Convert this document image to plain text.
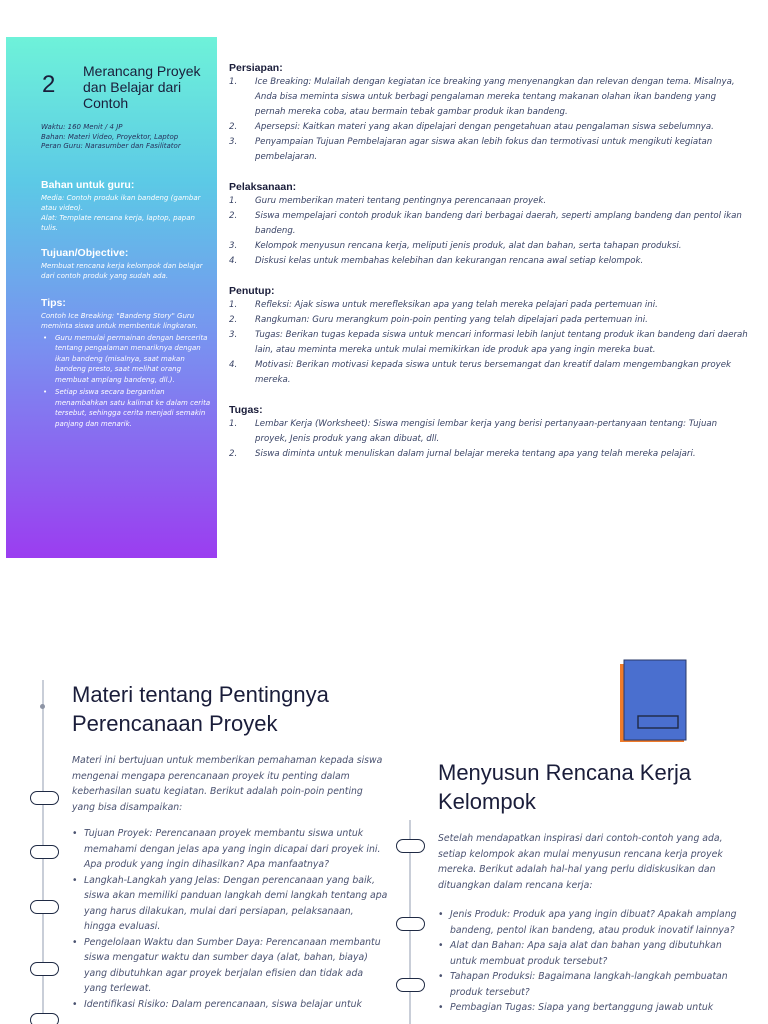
2 Merancang Proyek
dan Belajar dari
Contoh
Waktu: 160 Menit / 4 JP
Bahan: Materi Video, Proyektor, Laptop
Peran Guru: Narasumber dan Fasilitator
Bahan untuk guru:
Media: Contoh produk ikan bandeng (gambar atau video).
Alat: Template rencana kerja, laptop, papan tulis.
Tujuan/Objective:
Membuat rencana kerja kelompok dan belajar dari contoh produk yang sudah ada.
Tips:
Contoh Ice Breaking: "Bandeng Story" Guru meminta siswa untuk membentuk lingkaran.
• Guru memulai permainan dengan bercerita tentang pengalaman menariknya dengan ikan bandeng (misalnya, saat makan bandeng presto, saat melihat orang membuat amplang bandeng, dll.).
• Setiap siswa secara bergantian menambahkan satu kalimat ke dalam cerita tersebut, sehingga cerita menjadi semakin panjang dan menarik.
Persiapan:
1. Ice Breaking: Mulailah dengan kegiatan ice breaking yang menyenangkan dan relevan dengan tema. Misalnya, Anda bisa meminta siswa untuk berbagi pengalaman mereka tentang makanan olahan ikan bandeng yang pernah mereka coba, atau bermain tebak gambar produk ikan bandeng.
2. Apersepsi: Kaitkan materi yang akan dipelajari dengan pengetahuan atau pengalaman siswa sebelumnya.
3. Penyampaian Tujuan Pembelajaran agar siswa akan lebih fokus dan termotivasi untuk mengikuti kegiatan pembelajaran.
Pelaksanaan:
1. Guru memberikan materi tentang pentingnya perencanaan proyek.
2. Siswa mempelajari contoh produk ikan bandeng dari berbagai daerah, seperti amplang bandeng dan pentol ikan bandeng.
3. Kelompok menyusun rencana kerja, meliputi jenis produk, alat dan bahan, serta tahapan produksi.
4. Diskusi kelas untuk membahas kelebihan dan kekurangan rencana awal setiap kelompok.
Penutup:
1. Refleksi: Ajak siswa untuk merefleksikan apa yang telah mereka pelajari pada pertemuan ini.
2. Rangkuman: Guru merangkum poin-poin penting yang telah dipelajari pada pertemuan ini.
3. Tugas: Berikan tugas kepada siswa untuk mencari informasi lebih lanjut tentang produk ikan bandeng dari daerah lain, atau meminta mereka untuk mulai memikirkan ide produk apa yang ingin mereka buat.
4. Motivasi: Berikan motivasi kepada siswa untuk terus bersemangat dan kreatif dalam mengembangkan proyek mereka.
Tugas:
1. Lembar Kerja (Worksheet): Siswa mengisi lembar kerja yang berisi pertanyaan-pertanyaan tentang: Tujuan proyek, Jenis produk yang akan dibuat, dll.
2. Siswa diminta untuk menuliskan dalam jurnal belajar mereka tentang apa yang telah mereka pelajari.
Materi tentang Pentingnya
Perencanaan Proyek
Materi ini bertujuan untuk memberikan pemahaman kepada siswa mengenai mengapa perencanaan proyek itu penting dalam keberhasilan suatu kegiatan. Berikut adalah poin-poin penting yang bisa disampaikan:
• Tujuan Proyek: Perencanaan proyek membantu siswa untuk memahami dengan jelas apa yang ingin dicapai dari proyek ini. Apa produk yang ingin dihasilkan? Apa manfaatnya?
• Langkah-Langkah yang Jelas: Dengan perencanaan yang baik, siswa akan memiliki panduan langkah demi langkah tentang apa yang harus dilakukan, mulai dari persiapan, pelaksanaan, hingga evaluasi.
• Pengelolaan Waktu dan Sumber Daya: Perencanaan membantu siswa mengatur waktu dan sumber daya (alat, bahan, biaya) yang dibutuhkan agar proyek berjalan efisien dan tidak ada yang terlewat.
• Identifikasi Risiko: Dalam perencanaan, siswa belajar untuk
Menyusun Rencana Kerja
Kelompok
Setelah mendapatkan inspirasi dari contoh-contoh yang ada, setiap kelompok akan mulai menyusun rencana kerja proyek mereka. Berikut adalah hal-hal yang perlu didiskusikan dan dituangkan dalam rencana kerja:
• Jenis Produk: Produk apa yang ingin dibuat? Apakah amplang bandeng, pentol ikan bandeng, atau produk inovatif lainnya?
• Alat dan Bahan: Apa saja alat dan bahan yang dibutuhkan untuk membuat produk tersebut?
• Tahapan Produksi: Bagaimana langkah-langkah pembuatan produk tersebut?
• Pembagian Tugas: Siapa yang bertanggung jawab untuk
